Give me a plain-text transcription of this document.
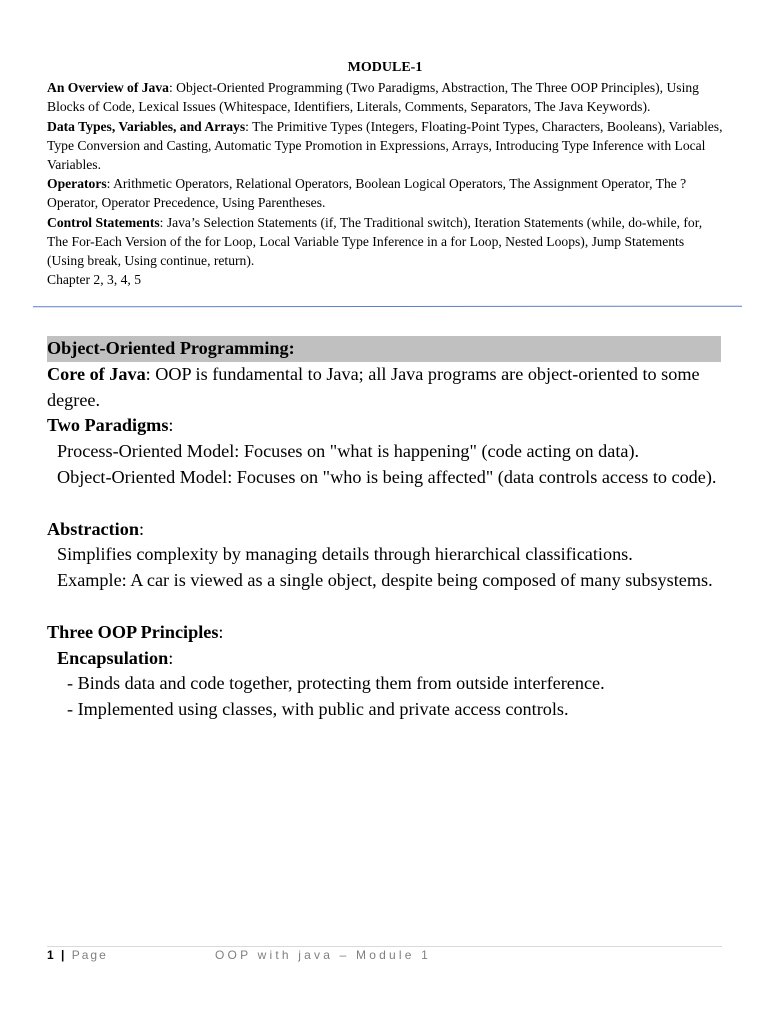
MODULE-1

An Overview of Java: Object-Oriented Programming (Two Paradigms, Abstraction, The Three OOP Principles), Using Blocks of Code, Lexical Issues (Whitespace, Identifiers, Literals, Comments, Separators, The Java Keywords).

Data Types, Variables, and Arrays: The Primitive Types (Integers, Floating-Point Types, Characters, Booleans), Variables, Type Conversion and Casting, Automatic Type Promotion in Expressions, Arrays, Introducing Type Inference with Local Variables.

Operators: Arithmetic Operators, Relational Operators, Boolean Logical Operators, The Assignment Operator, The ? Operator, Operator Precedence, Using Parentheses.

Control Statements: Java’s Selection Statements (if, The Traditional switch), Iteration Statements (while, do-while, for, The For-Each Version of the for Loop, Local Variable Type Inference in a for Loop, Nested Loops), Jump Statements (Using break, Using continue, return).

Chapter 2, 3, 4, 5

Object-Oriented Programming:

Core of Java: OOP is fundamental to Java; all Java programs are object-oriented to some degree.

Two Paradigms:

Process-Oriented Model: Focuses on "what is happening" (code acting on data).

Object-Oriented Model: Focuses on "who is being affected" (data controls access to code).

Abstraction:

Simplifies complexity by managing details through hierarchical classifications.

Example: A car is viewed as a single object, despite being composed of many subsystems.

Three OOP Principles:

Encapsulation:

- Binds data and code together, protecting them from outside interference.

- Implemented using classes, with public and private access controls.

1 | Page	OOP with java – Module 1
